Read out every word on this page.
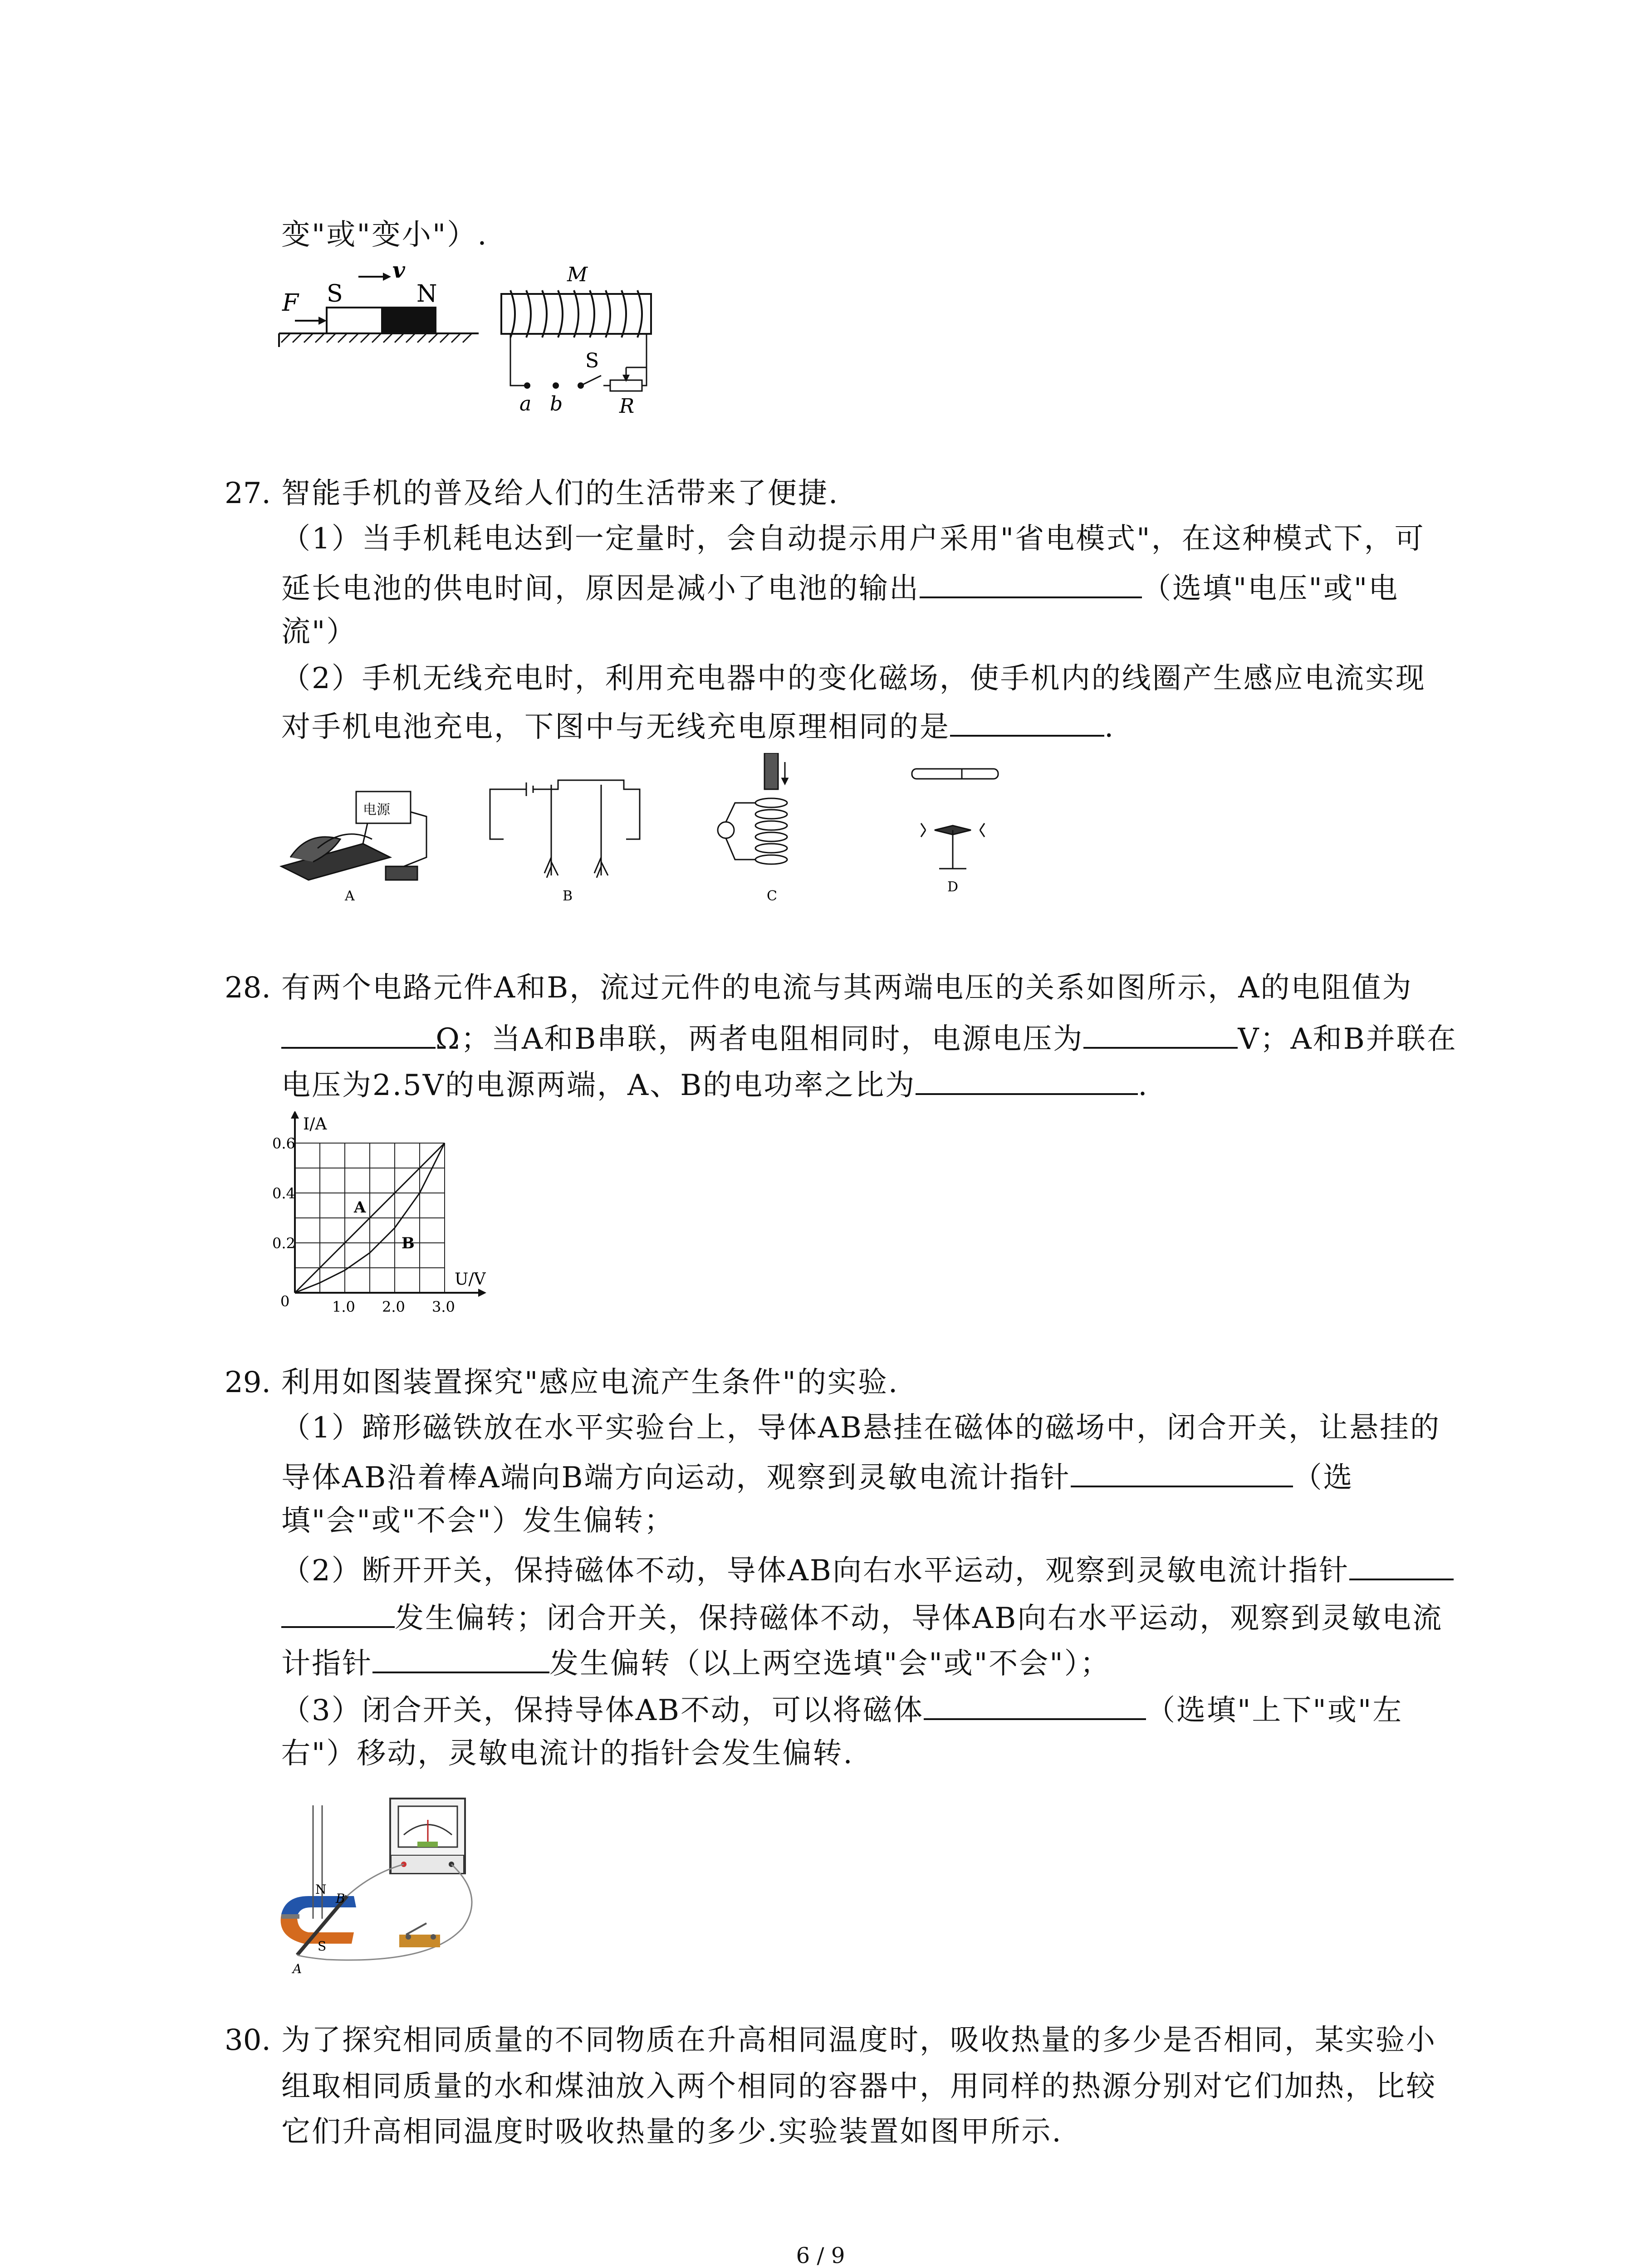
变"或"变小"）.
F S	N
v	M
S
a b	R
27. 智能手机的普及给人们的生活带来了便捷.
（1）当手机耗电达到一定量时，会自动提示用户采用"省电模式"，在这种模式下，可
延长电池的供电时间，原因是减小了电池的输出	（选填"电压"或"电
流"）
（2）手机无线充电时，利用充电器中的变化磁场，使手机内的线圈产生感应电流实现
对手机电池充电，下图中与无线充电原理相同的是	.
电源
A	B	C
D
28. 有两个电路元件A和B，流过元件的电流与其两端电压的关系如图所示，A的电阻值为
Ω；当A和B串联，两者电阻相同时，电源电压为	V；A和B并联在
电压为2.5V的电源两端，A、B的电功率之比为	.
A
B
1.0 2.0 3.0
0.2
0.4
0.6
U/V
I/A
0
29. 利用如图装置探究"感应电流产生条件"的实验.
（1）蹄形磁铁放在水平实验台上，导体AB悬挂在磁体的磁场中，闭合开关，让悬挂的
导体AB沿着棒A端向B端方向运动，观察到灵敏电流计指针	（选
填"会"或"不会"）发生偏转；
（2）断开开关，保持磁体不动，导体AB向右水平运动，观察到灵敏电流计指针
发生偏转；闭合开关，保持磁体不动，导体AB向右水平运动，观察到灵敏电流
计指针	发生偏转（以上两空选填"会"或"不会"）；
（3）闭合开关，保持导体AB不动，可以将磁体	（选填"上下"或"左
右"）移动，灵敏电流计的指针会发生偏转.
N
B
S
A
30. 为了探究相同质量的不同物质在升高相同温度时，吸收热量的多少是否相同，某实验小
组取相同质量的水和煤油放入两个相同的容器中，用同样的热源分别对它们加热，比较
它们升高相同温度时吸收热量的多少.实验装置如图甲所示.
6 / 9
